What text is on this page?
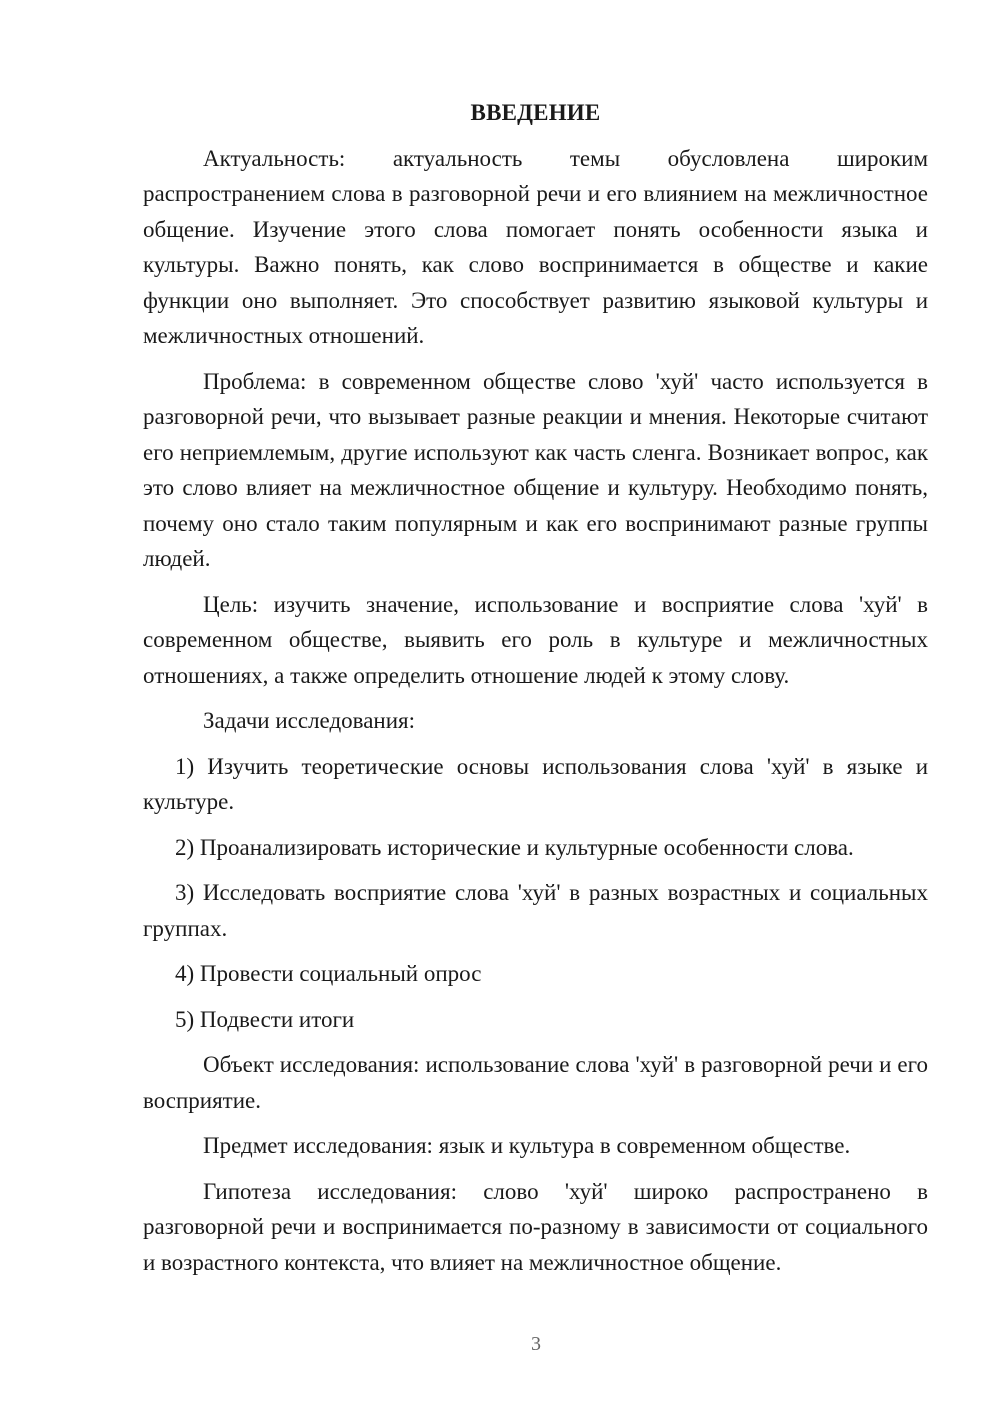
ВВЕДЕНИЕ

Актуальность: актуальность темы обусловлена широким распространением слова в разговорной речи и его влиянием на межличностное общение. Изучение этого слова помогает понять особенности языка и культуры. Важно понять, как слово воспринимается в обществе и какие функции оно выполняет. Это способствует развитию языковой культуры и межличностных отношений.

Проблема: в современном обществе слово 'хуй' часто используется в разговорной речи, что вызывает разные реакции и мнения. Некоторые считают его неприемлемым, другие используют как часть сленга. Возникает вопрос, как это слово влияет на межличностное общение и культуру. Необходимо понять, почему оно стало таким популярным и как его воспринимают разные группы людей.

Цель: изучить значение, использование и восприятие слова 'хуй' в современном обществе, выявить его роль в культуре и межличностных отношениях, а также определить отношение людей к этому слову.

Задачи исследования:

1) Изучить теоретические основы использования слова 'хуй' в языке и культуре.

2) Проанализировать исторические и культурные особенности слова.

3) Исследовать восприятие слова 'хуй' в разных возрастных и социальных группах.

4) Провести социальный опрос

5) Подвести итоги

Объект исследования: использование слова 'хуй' в разговорной речи и его восприятие.

Предмет исследования: язык и культура в современном обществе.

Гипотеза исследования: слово 'хуй' широко распространено в разговорной речи и воспринимается по-разному в зависимости от социального и возрастного контекста, что влияет на межличностное общение.

3
